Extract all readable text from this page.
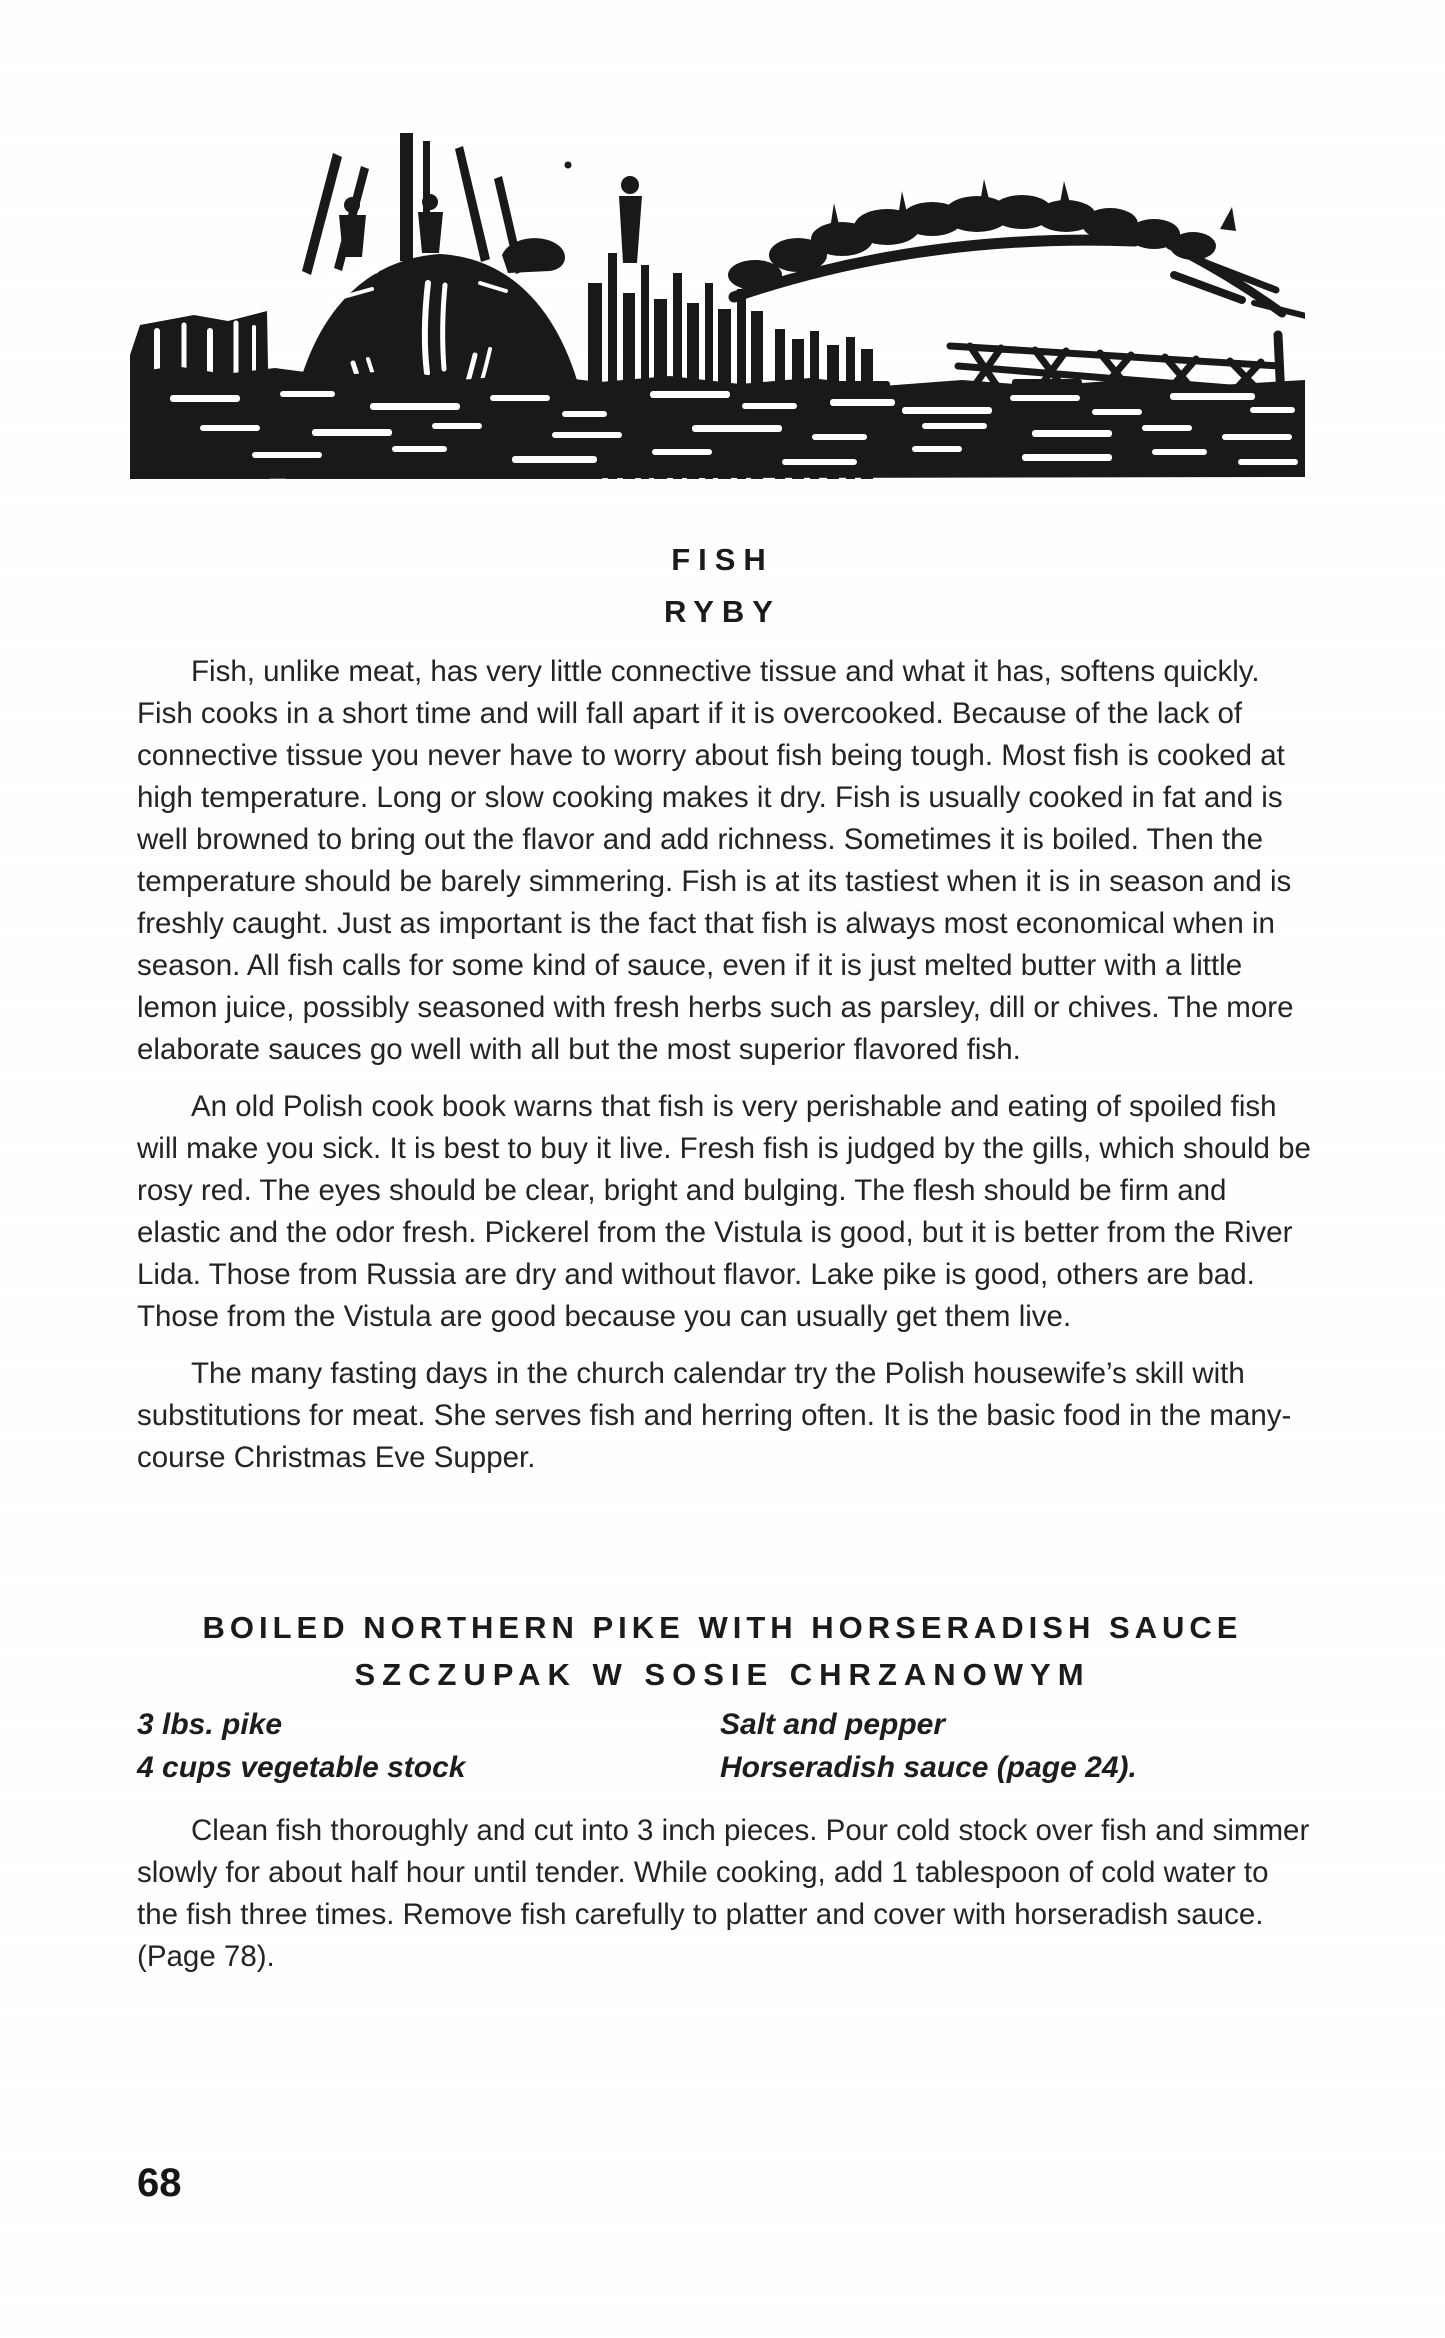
FISH
RYBY

Fish, unlike meat, has very little connective tissue and what it has, softens quickly. Fish cooks in a short time and will fall apart if it is overcooked. Because of the lack of connective tissue you never have to worry about fish being tough. Most fish is cooked at high temperature. Long or slow cooking makes it dry. Fish is usually cooked in fat and is well browned to bring out the flavor and add richness. Sometimes it is boiled. Then the temperature should be barely simmering. Fish is at its tastiest when it is in season and is freshly caught. Just as important is the fact that fish is always most economical when in season. All fish calls for some kind of sauce, even if it is just melted butter with a little lemon juice, possibly seasoned with fresh herbs such as parsley, dill or chives. The more elaborate sauces go well with all but the most superior flavored fish.

An old Polish cook book warns that fish is very perishable and eating of spoiled fish will make you sick. It is best to buy it live. Fresh fish is judged by the gills, which should be rosy red. The eyes should be clear, bright and bulging. The flesh should be firm and elastic and the odor fresh. Pickerel from the Vistula is good, but it is better from the River Lida. Those from Russia are dry and without flavor. Lake pike is good, others are bad. Those from the Vistula are good because you can usually get them live.

The many fasting days in the church calendar try the Polish housewife’s skill with substitutions for meat. She serves fish and herring often. It is the basic food in the many-course Christmas Eve Supper.

BOILED NORTHERN PIKE WITH HORSERADISH SAUCE
SZCZUPAK W SOSIE CHRZANOWYM
3 lbs. pike
4 cups vegetable stock
Salt and pepper
Horseradish sauce (page 24).

Clean fish thoroughly and cut into 3 inch pieces. Pour cold stock over fish and simmer slowly for about half hour until tender. While cooking, add 1 tablespoon of cold water to the fish three times. Remove fish carefully to platter and cover with horseradish sauce. (Page 78).

68
